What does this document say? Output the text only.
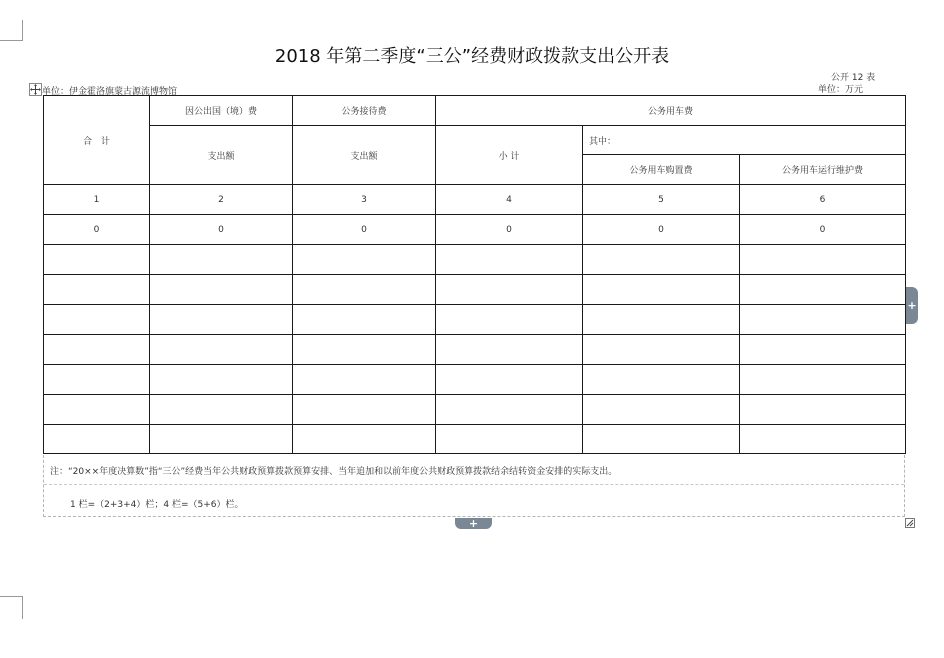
2018 年第二季度“三公”经费财政拨款支出公开表
单位：伊金霍洛旗蒙古源流博物馆
公开 12 表
单位：万元
合　计	因公出国（境）费	公务接待费	公务用车费		
	支出额	支出额	小 计	其中：	
				公务用车购置费	公务用车运行维护费
1	2	3	4	5	6
0	0	0	0	0	0

注：“20××年度决算数”指“三公”经费当年公共财政预算拨款预算安排、当年追加和以前年度公共财政预算拨款结余结转资金安排的实际支出。
1 栏=（2+3+4）栏；4 栏=（5+6）栏。
+
+
